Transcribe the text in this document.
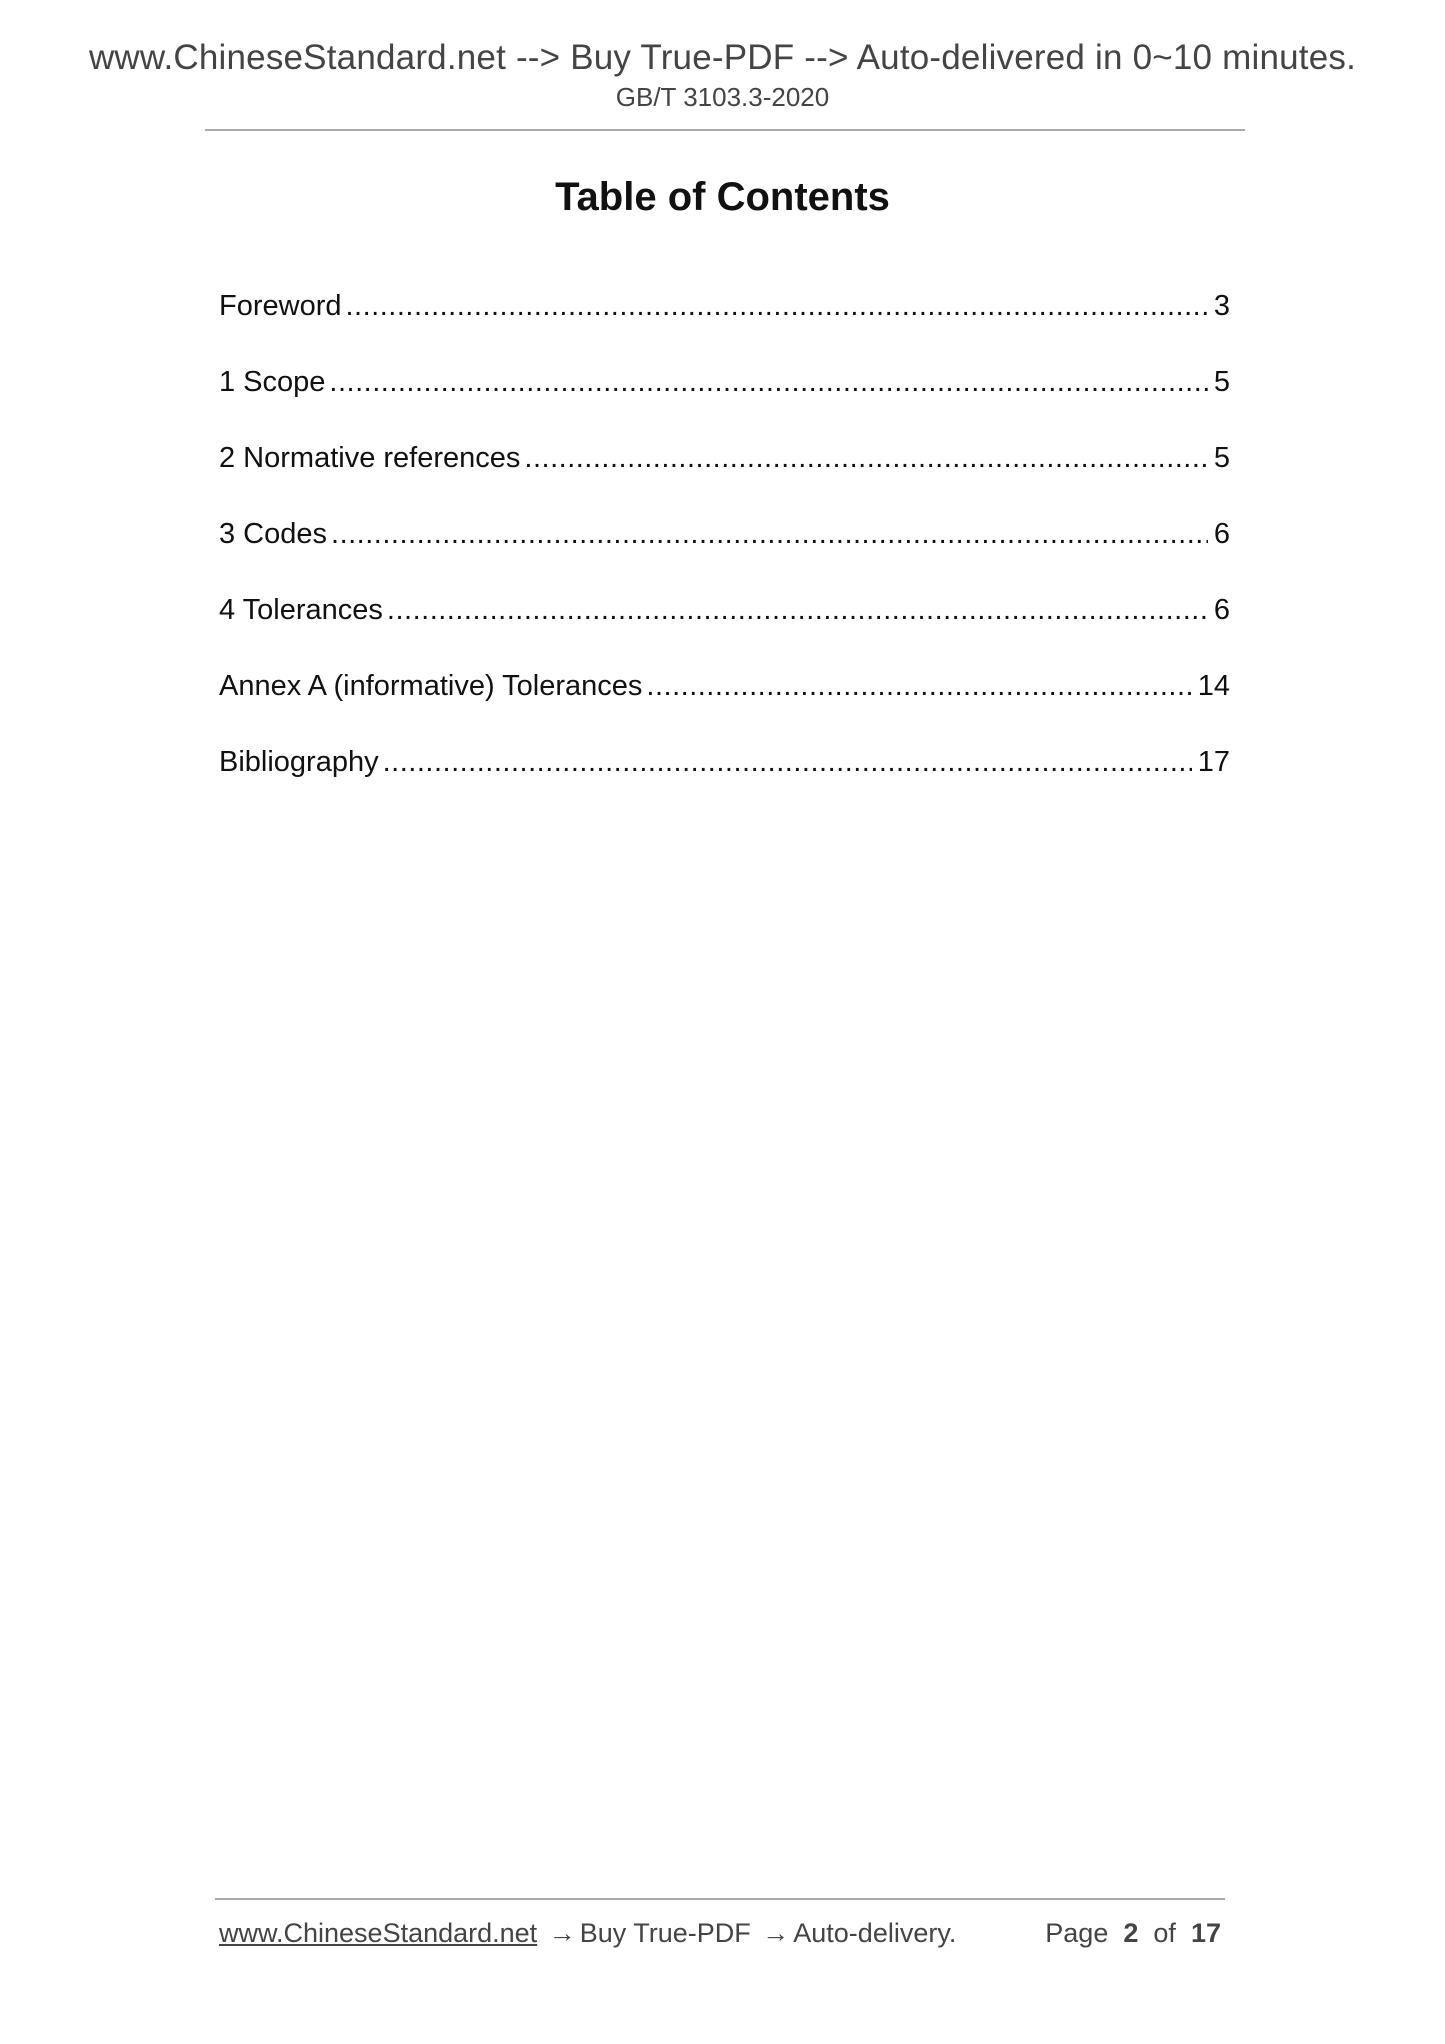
www.ChineseStandard.net --> Buy True-PDF --> Auto-delivered in 0~10 minutes.
GB/T 3103.3-2020
Table of Contents
Foreword .....	3
1 Scope .....	5
2 Normative references .....	5
3 Codes .....	6
4 Tolerances .....	6
Annex A (informative) Tolerances .....	14
Bibliography .....	17
www.ChineseStandard.net → Buy True-PDF → Auto-delivery.	Page 2 of 17
